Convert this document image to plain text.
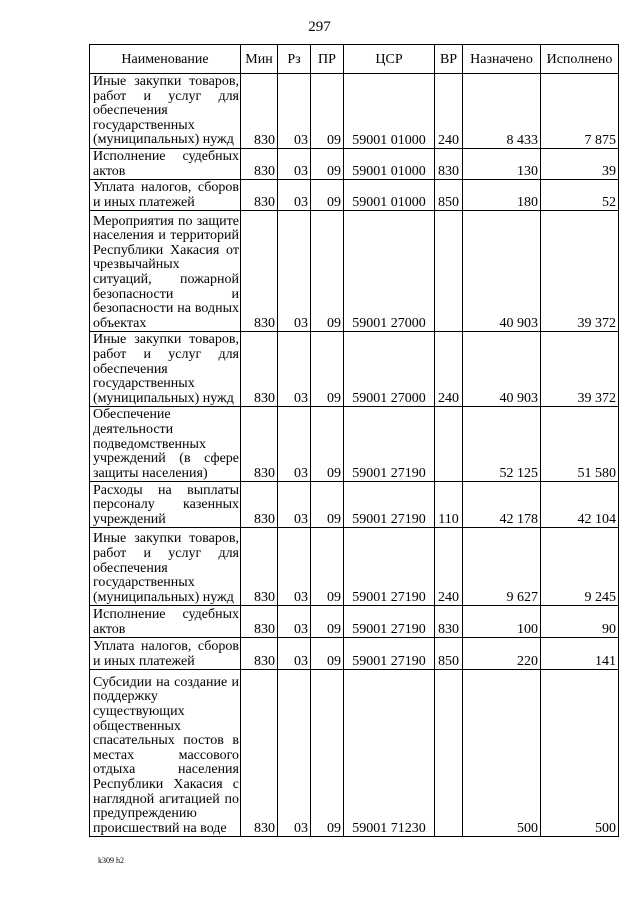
297
Наименование	Мин	Рз	ПР	ЦСР	ВР	Назначено	Исполнено
Иные закупки товаров, работ и услуг для обеспечения государственных (муниципальных) нужд	830	03	09	59001 01000	240	8 433	7 875
Исполнение судебных актов	830	03	09	59001 01000	830	130	39
Уплата налогов, сборов и иных платежей	830	03	09	59001 01000	850	180	52
Мероприятия по защите населения и территорий Республики Хакасия от чрезвычайных ситуаций, пожарной безопасности и безопасности на водных объектах	830	03	09	59001 27000		40 903	39 372
Иные закупки товаров, работ и услуг для обеспечения государственных (муниципальных) нужд	830	03	09	59001 27000	240	40 903	39 372
Обеспечение деятельности подведомственных учреждений (в сфере защиты населения)	830	03	09	59001 27190		52 125	51 580
Расходы на выплаты персоналу казенных учреждений	830	03	09	59001 27190	110	42 178	42 104
Иные закупки товаров, работ и услуг для обеспечения государственных (муниципальных) нужд	830	03	09	59001 27190	240	9 627	9 245
Исполнение судебных актов	830	03	09	59001 27190	830	100	90
Уплата налогов, сборов и иных платежей	830	03	09	59001 27190	850	220	141
Субсидии на создание и поддержку существующих общественных спасательных постов в местах массового отдыха населения Республики Хакасия с наглядной агитацией по предупреждению происшествий на воде	830	03	09	59001 71230		500	500
k309 h2
